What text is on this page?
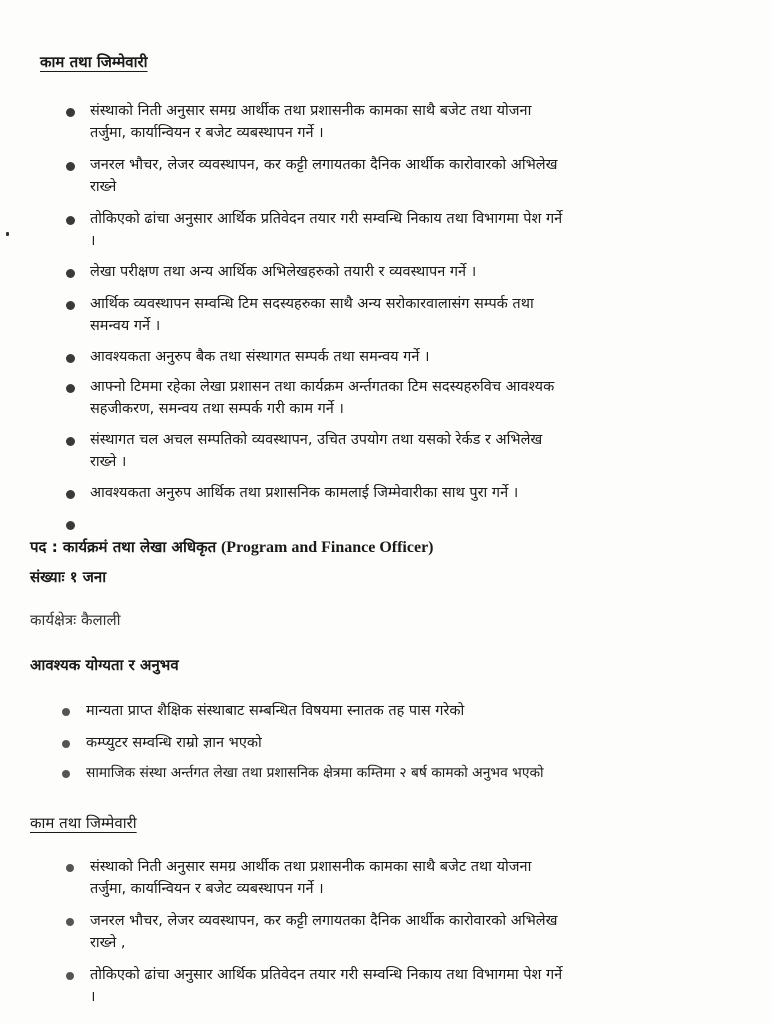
काम तथा जिम्मेवारी
संस्थाको निती अनुसार समग्र आर्थीक तथा प्रशासनीक कामका साथै बजेट तथा योजना
तर्जुमा, कार्यान्वियन र बजेट व्यबस्थापन गर्ने ।
जनरल भौचर, लेजर व्यवस्थापन, कर कट्टी लगायतका दैनिक आर्थीक कारोवारको अभिलेख
राख्ने
तोकिएको ढांचा अनुसार आर्थिक प्रतिवेदन तयार गरी सम्वन्धि निकाय तथा विभागमा पेश गर्ने
।
लेखा परीक्षण तथा अन्य आर्थिक अभिलेखहरुको तयारी र व्यवस्थापन गर्ने ।
आर्थिक व्यवस्थापन सम्वन्धि टिम सदस्यहरुका साथै अन्य सरोकारवालासंग सम्पर्क तथा
समन्वय गर्ने ।
आवश्यकता अनुरुप बैक तथा संस्थागत सम्पर्क तथा समन्वय गर्ने ।
आफ्नो टिममा रहेका लेखा प्रशासन तथा कार्यक्रम अर्न्तगतका टिम सदस्यहरुविच आवश्यक
सहजीकरण, समन्वय तथा सम्पर्क गरी काम गर्ने ।
संस्थागत चल अचल सम्पतिको व्यवस्थापन, उचित उपयोग तथा यसको रेर्कड र अभिलेख
राख्ने ।
आवश्यकता अनुरुप आर्थिक तथा प्रशासनिक कामलाई जिम्मेवारीका साथ पुरा गर्ने ।
पद : कार्यक्रमं तथा लेखा अधिकृत (Program and Finance Officer)
संख्याः १ जना
कार्यक्षेत्रः कैलाली
आवश्यक योग्यता र अनुभव
मान्यता प्राप्त शैक्षिक संस्थाबाट सम्बन्धित विषयमा स्नातक तह पास गरेको
कम्प्युटर सम्वन्धि राम्रो ज्ञान भएको
सामाजिक संस्था अर्न्तगत लेखा तथा प्रशासनिक क्षेत्रमा कम्तिमा २ बर्ष कामको अनुभव भएको
काम तथा जिम्मेवारी
संस्थाको निती अनुसार समग्र आर्थीक तथा प्रशासनीक कामका साथै बजेट तथा योजना
तर्जुमा, कार्यान्वियन र बजेट व्यबस्थापन गर्ने ।
जनरल भौचर, लेजर व्यवस्थापन, कर कट्टी लगायतका दैनिक आर्थीक कारोवारको अभिलेख
राख्ने ,
तोकिएको ढांचा अनुसार आर्थिक प्रतिवेदन तयार गरी सम्वन्धि निकाय तथा विभागमा पेश गर्ने
।
